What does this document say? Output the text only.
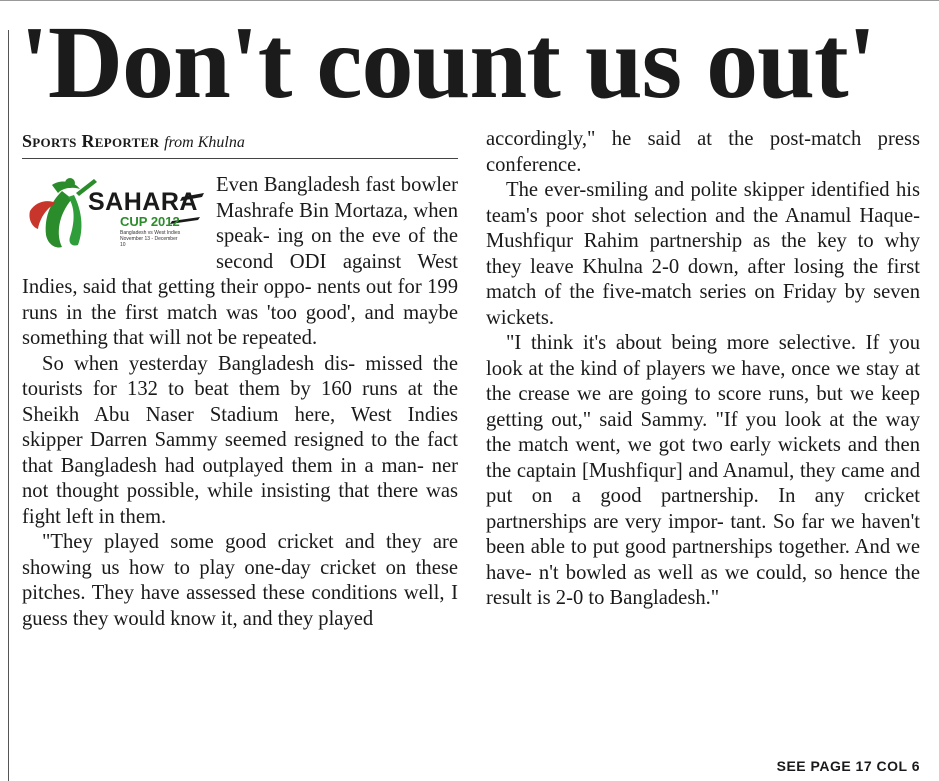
'Don't count us out'
Sports Reporter from Khulna
SAHARA
CUP 2012
Bangladesh vs West Indies
November 13 - December 10

Even Bangladesh fast bowler Mashrafe Bin Mortaza, when speak- ing on the eve of the second ODI against West Indies, said that getting their oppo- nents out for 199 runs in the first match was 'too good', and maybe something that will not be repeated.

So when yesterday Bangladesh dis- missed the tourists for 132 to beat them by 160 runs at the Sheikh Abu Naser Stadium here, West Indies skipper Darren Sammy seemed resigned to the fact that Bangladesh had outplayed them in a man- ner not thought possible, while insisting that there was fight left in them.

"They played some good cricket and they are showing us how to play one-day cricket on these pitches. They have assessed these conditions well, I guess they would know it, and they played

accordingly," he said at the post-match press conference.

The ever-smiling and polite skipper identified his team's poor shot selection and the Anamul Haque-Mushfiqur Rahim partnership as the key to why they leave Khulna 2-0 down, after losing the first match of the five-match series on Friday by seven wickets.

"I think it's about being more selective. If you look at the kind of players we have, once we stay at the crease we are going to score runs, but we keep getting out," said Sammy. "If you look at the way the match went, we got two early wickets and then the captain [Mushfiqur] and Anamul, they came and put on a good partnership. In any cricket partnerships are very impor- tant. So far we haven't been able to put good partnerships together. And we have- n't bowled as well as we could, so hence the result is 2-0 to Bangladesh."

SEE PAGE 17 COL 6
